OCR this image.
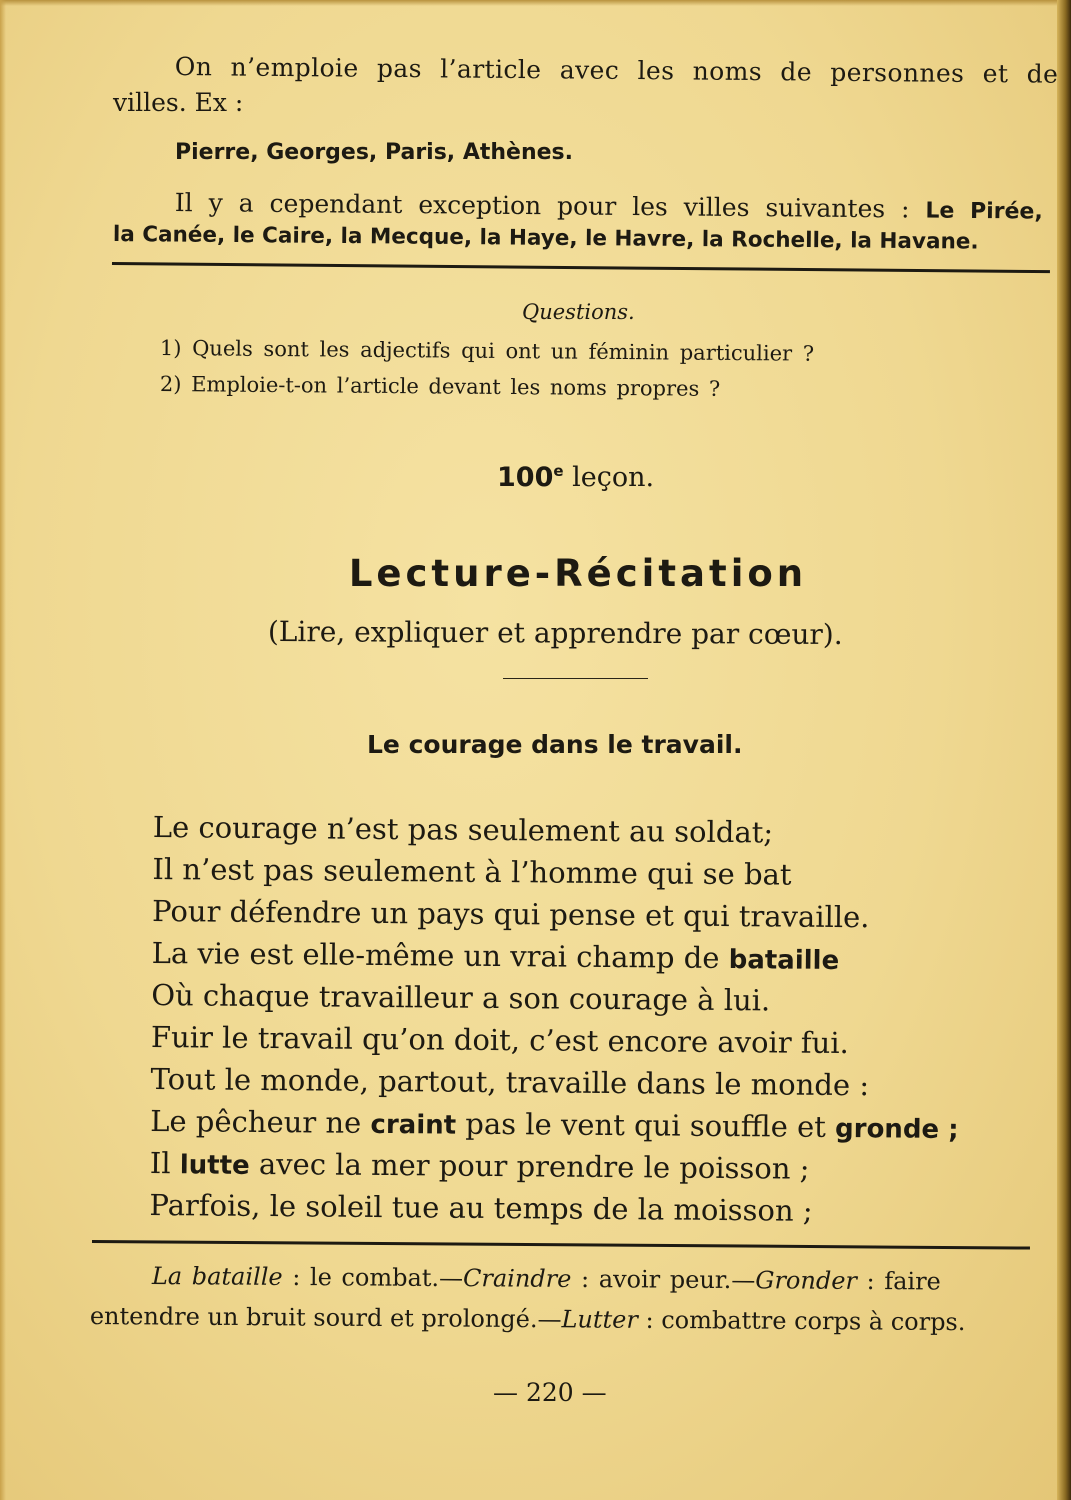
On n’emploie pas l’article avec les noms de personnes et de
villes. Ex :
Pierre, Georges, Paris, Athènes.
Il y a cependant exception pour les villes suivantes : Le Pirée,
la Canée, le Caire, la Mecque, la Haye, le Havre, la Rochelle, la Havane.
Questions.
1) Quels sont les adjectifs qui ont un féminin particulier ?
2) Emploie-t-on l’article devant les noms propres ?
100e leçon.
Lecture-Récitation
(Lire, expliquer et apprendre par cœur).
Le courage dans le travail.
Le courage n’est pas seulement au soldat;
Il n’est pas seulement à l’homme qui se bat
Pour défendre un pays qui pense et qui travaille.
La vie est elle-même un vrai champ de bataille
Où chaque travailleur a son courage à lui.
Fuir le travail qu’on doit, c’est encore avoir fui.
Tout le monde, partout, travaille dans le monde :
Le pêcheur ne craint pas le vent qui souffle et gronde ;
Il lutte avec la mer pour prendre le poisson ;
Parfois, le soleil tue au temps de la moisson ;
La bataille : le combat.—Craindre : avoir peur.—Gronder : faire
entendre un bruit sourd et prolongé.—Lutter : combattre corps à corps.
— 220 —
